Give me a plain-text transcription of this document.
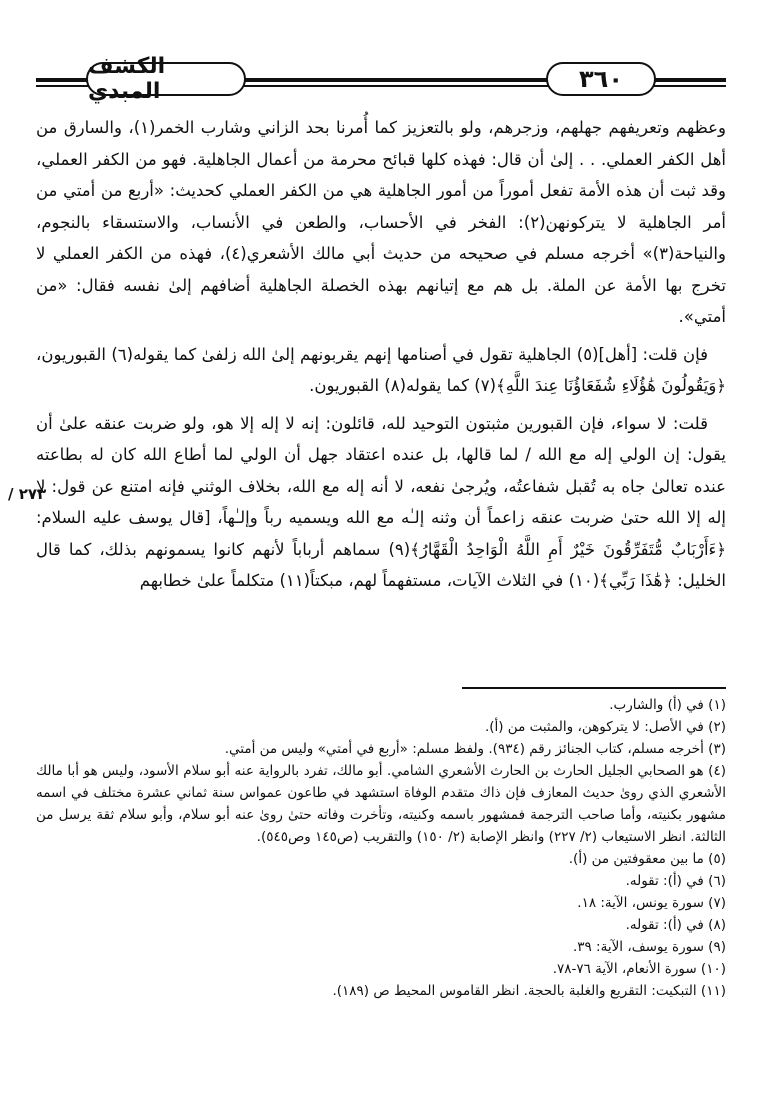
الكشف المبدي	٣٦٠
/ ٢٧٣

وعظهم وتعريفهم جهلهم، وزجرهم، ولو بالتعزيز كما أُمرنا بحد الزاني وشارب الخمر(١)، والسارق من أهل الكفر العملي. . . إلىٰ أن قال: فهذه كلها قبائح محرمة من أعمال الجاهلية. فهو من الكفر العملي، وقد ثبت أن هذه الأمة تفعل أموراً من أمور الجاهلية هي من الكفر العملي كحديث: «أربع من أمتي من أمر الجاهلية لا يتركونهن(٢): الفخر في الأحساب، والطعن في الأنساب، والاستسقاء بالنجوم، والنياحة(٣)» أخرجه مسلم في صحيحه من حديث أبي مالك الأشعري(٤)، فهذه من الكفر العملي لا تخرج بها الأمة عن الملة. بل هم مع إتيانهم بهذه الخصلة الجاهلية أضافهم إلىٰ نفسه فقال: «من أمتي».

فإن قلت: [أهل](٥) الجاهلية تقول في أصنامها إنهم يقربونهم إلىٰ الله زلفىٰ كما يقوله(٦) القبوريون، ﴿وَيَقُولُونَ هَٰؤُلَاءِ شُفَعَاؤُنَا عِندَ اللَّهِ﴾(٧) كما يقوله(٨) القبوريون.

قلت: لا سواء، فإن القبورين مثبتون التوحيد لله، قائلون: إنه لا إله إلا هو، ولو ضربت عنقه علىٰ أن يقول: إن الولي إله مع الله / لما قالها، بل عنده اعتقاد جهل أن الولي لما أطاع الله كان له بطاعته عنده تعالىٰ جاه به تُقبل شفاعتُه، ويُرجىٰ نفعه، لا أنه إله مع الله، بخلاف الوثني فإنه امتنع عن قول: لا إله إلا الله حتىٰ ضربت عنقه زاعماً أن وثنه إلـٰه مع الله ويسميه رباً وإلـٰهاً، [قال يوسف عليه السلام: ﴿ءَأَرْبَابٌ مُّتَفَرِّقُونَ خَيْرٌ أَمِ اللَّهُ الْوَاحِدُ الْقَهَّارُ﴾(٩) سماهم أرباباً لأنهم كانوا يسمونهم بذلك، كما قال الخليل: ﴿هَٰذَا رَبِّي﴾(١٠) في الثلاث الآيات، مستفهماً لهم، مبكتاً(١١) متكلماً علىٰ خطابهم

(١) في (أ) والشارب.

(٢) في الأصل: لا يتركوهن، والمثبت من (أ).

(٣) أخرجه مسلم، كتاب الجنائز رقم (٩٣٤). ولفظ مسلم: «أربع في أمتي» وليس من أمتي.

(٤) هو الصحابي الجليل الحارث بن الحارث الأشعري الشامي. أبو مالك، تفرد بالرواية عنه أبو سلام الأسود، وليس هو أبا مالك الأشعري الذي روىٰ حديث المعازف فإن ذاك متقدم الوفاة استشهد في طاعون عمواس سنة ثماني عشرة مختلف في اسمه مشهور بكنيته، وأما صاحب الترجمة فمشهور باسمه وكنيته، وتأخرت وفاته حتىٰ روىٰ عنه أبو سلام، وأبو سلام ثقة يرسل من الثالثة. انظر الاستيعاب (٢/ ٢٢٧) وانظر الإصابة (٢/ ١٥٠) والتقريب (ص١٤٥ وص٥٤٥).

(٥) ما بين معقوفتين من (أ).

(٦) في (أ): تقوله.

(٧) سورة يونس، الآية: ١٨.

(٨) في (أ): تقوله.

(٩) سورة يوسف، الآية: ٣٩.

(١٠) سورة الأنعام، الآية ٧٦-٧٨.

(١١) التبكيت: التقريع والغلبة بالحجة. انظر القاموس المحيط ص (١٨٩).
